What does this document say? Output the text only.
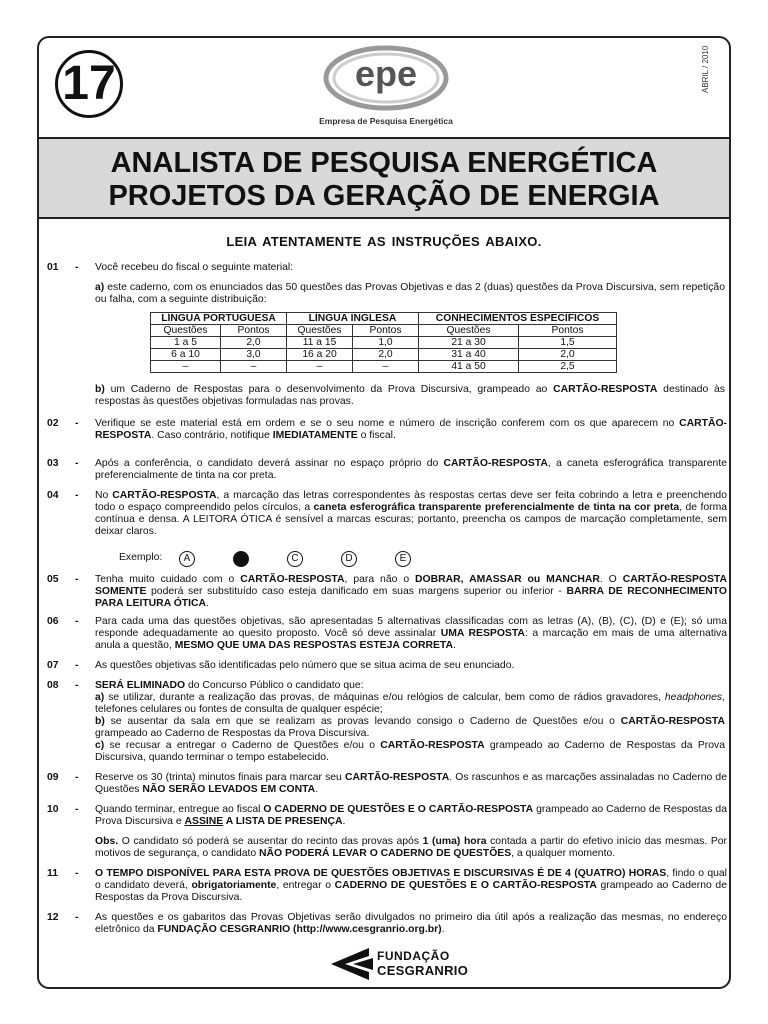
17	epe
Empresa de Pesquisa Energética
ABRIL / 2010
ANALISTA DE PESQUISA ENERGÉTICA
PROJETOS DA GERAÇÃO DE ENERGIA
LEIA ATENTAMENTE AS INSTRUÇÕES ABAIXO.
01 - Você recebeu do fiscal o seguinte material:
a) este caderno, com os enunciados das 50 questões das Provas Objetivas e das 2 (duas) questões da Prova Discursiva, sem repetição ou falha, com a seguinte distribuição:
LÍNGUA PORTUGUESA		LÍNGUA INGLESA		CONHECIMENTOS ESPECÍFICOS	
Questões	Pontos	Questões	Pontos	Questões	Pontos
1 a 5	2,0	11 a 15	1,0	21 a 30	1,5
6 a 10	3,0	16 a 20	2,0	31 a 40	2,0
–	–	–	–	41 a 50	2,5
b) um Caderno de Respostas para o desenvolvimento da Prova Discursiva, grampeado ao CARTÃO-RESPOSTA destinado às respostas às questões objetivas formuladas nas provas.
02 - Verifique se este material está em ordem e se o seu nome e número de inscrição conferem com os que aparecem no CARTÃO-RESPOSTA. Caso contrário, notifique IMEDIATAMENTE o fiscal.
03 - Após a conferência, o candidato deverá assinar no espaço próprio do CARTÃO-RESPOSTA, a caneta esferográfica transparente preferencialmente de tinta na cor preta.
04 - No CARTÃO-RESPOSTA, a marcação das letras correspondentes às respostas certas deve ser feita cobrindo a letra e preenchendo todo o espaço compreendido pelos círculos, a caneta esferográfica transparente preferencialmente de tinta na cor preta, de forma contínua e densa. A LEITORA ÓTICA é sensível a marcas escuras; portanto, preencha os campos de marcação completamente, sem deixar claros.
Exemplo:	A	C	D	E
05 - Tenha muito cuidado com o CARTÃO-RESPOSTA, para não o DOBRAR, AMASSAR ou MANCHAR. O CARTÃO-RESPOSTA SOMENTE poderá ser substituído caso esteja danificado em suas margens superior ou inferior - BARRA DE RECONHECIMENTO PARA LEITURA ÓTICA.
06 - Para cada uma das questões objetivas, são apresentadas 5 alternativas classificadas com as letras (A), (B), (C), (D) e (E); só uma responde adequadamente ao quesito proposto. Você só deve assinalar UMA RESPOSTA: a marcação em mais de uma alternativa anula a questão, MESMO QUE UMA DAS RESPOSTAS ESTEJA CORRETA.
07 - As questões objetivas são identificadas pelo número que se situa acima de seu enunciado.
08 - SERÁ ELIMINADO do Concurso Público o candidato que:
a) se utilizar, durante a realização das provas, de máquinas e/ou relógios de calcular, bem como de rádios gravadores, headphones, telefones celulares ou fontes de consulta de qualquer espécie;
b) se ausentar da sala em que se realizam as provas levando consigo o Caderno de Questões e/ou o CARTÃO-RESPOSTA grampeado ao Caderno de Respostas da Prova Discursiva.
c) se recusar a entregar o Caderno de Questões e/ou o CARTÃO-RESPOSTA grampeado ao Caderno de Respostas da Prova Discursiva, quando terminar o tempo estabelecido.
09 - Reserve os 30 (trinta) minutos finais para marcar seu CARTÃO-RESPOSTA. Os rascunhos e as marcações assinaladas no Caderno de Questões NÃO SERÃO LEVADOS EM CONTA.
10 - Quando terminar, entregue ao fiscal O CADERNO DE QUESTÕES E O CARTÃO-RESPOSTA grampeado ao Caderno de Respostas da Prova Discursiva e ASSINE A LISTA DE PRESENÇA.
Obs. O candidato só poderá se ausentar do recinto das provas após 1 (uma) hora contada a partir do efetivo início das mesmas. Por motivos de segurança, o candidato NÃO PODERÁ LEVAR O CADERNO DE QUESTÕES, a qualquer momento.
11 - O TEMPO DISPONÍVEL PARA ESTA PROVA DE QUESTÕES OBJETIVAS E DISCURSIVAS É DE 4 (QUATRO) HORAS, findo o qual o candidato deverá, obrigatoriamente, entregar o CADERNO DE QUESTÕES E O CARTÃO-RESPOSTA grampeado ao Caderno de Respostas da Prova Discursiva.
12 - As questões e os gabaritos das Provas Objetivas serão divulgados no primeiro dia útil após a realização das mesmas, no endereço eletrônico da FUNDAÇÃO CESGRANRIO (http://www.cesgranrio.org.br).
FUNDAÇÃO
CESGRANRIO
